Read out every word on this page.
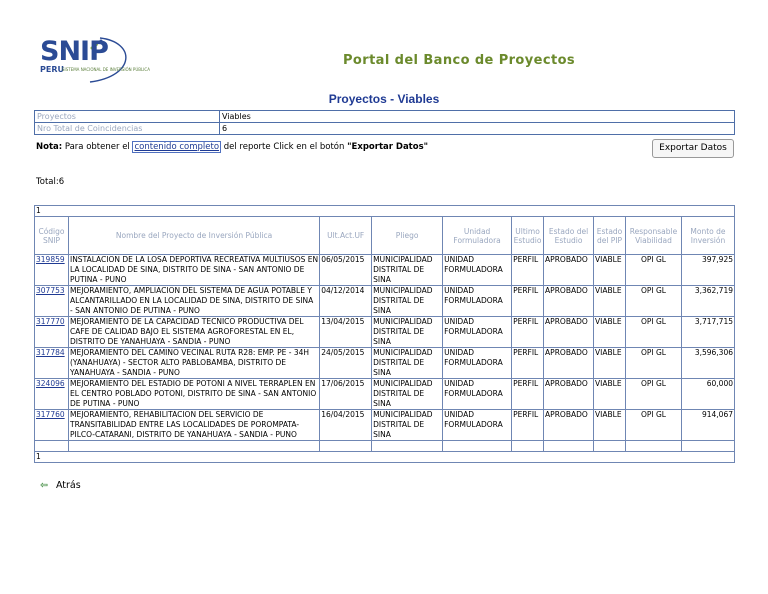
SNIP
PERU
SISTEMA NACIONAL DE INVERSIÓN PÚBLICA
Portal del Banco de Proyectos
Proyectos - Viables
Proyectos	Viables
Nro Total de Coincidencias	6
Nota: Para obtener el contenido completo del reporte Click en el botón "Exportar Datos"	Exportar Datos
Total:6
1									
Código SNIP	Nombre del Proyecto de Inversión Pública	Ult.Act.UF	Pliego	Unidad Formuladora	Ultimo Estudio	Estado del Estudio	Estado del PIP	Responsable Viabilidad	Monto de Inversión
319859	INSTALACION DE LA LOSA DEPORTIVA RECREATIVA MULTIUSOS EN LA LOCALIDAD DE SINA, DISTRITO DE SINA - SAN ANTONIO DE PUTINA - PUNO	06/05/2015	MUNICIPALIDAD DISTRITAL DE SINA	UNIDAD FORMULADORA	PERFIL	APROBADO	VIABLE	OPI GL	397,925
307753	MEJORAMIENTO, AMPLIACION DEL SISTEMA DE AGUA POTABLE Y ALCANTARILLADO EN LA LOCALIDAD DE SINA, DISTRITO DE SINA - SAN ANTONIO DE PUTINA - PUNO	04/12/2014	MUNICIPALIDAD DISTRITAL DE SINA	UNIDAD FORMULADORA	PERFIL	APROBADO	VIABLE	OPI GL	3,362,719
317770	MEJORAMIENTO DE LA CAPACIDAD TECNICO PRODUCTIVA DEL CAFE DE CALIDAD BAJO EL SISTEMA AGROFORESTAL EN EL, DISTRITO DE YANAHUAYA - SANDIA - PUNO	13/04/2015	MUNICIPALIDAD DISTRITAL DE SINA	UNIDAD FORMULADORA	PERFIL	APROBADO	VIABLE	OPI GL	3,717,715
317784	MEJORAMIENTO DEL CAMINO VECINAL RUTA R28: EMP. PE - 34H (YANAHUAYA) - SECTOR ALTO PABLOBAMBA, DISTRITO DE YANAHUAYA - SANDIA - PUNO	24/05/2015	MUNICIPALIDAD DISTRITAL DE SINA	UNIDAD FORMULADORA	PERFIL	APROBADO	VIABLE	OPI GL	3,596,306
324096	MEJORAMIENTO DEL ESTADIO DE POTONI A NIVEL TERRAPLEN EN EL CENTRO POBLADO POTONI, DISTRITO DE SINA - SAN ANTONIO DE PUTINA - PUNO	17/06/2015	MUNICIPALIDAD DISTRITAL DE SINA	UNIDAD FORMULADORA	PERFIL	APROBADO	VIABLE	OPI GL	60,000
317760	MEJORAMIENTO, REHABILITACION DEL SERVICIO DE TRANSITABILIDAD ENTRE LAS LOCALIDADES DE POROMPATA-PILCO-CATARANI, DISTRITO DE YANAHUAYA - SANDIA - PUNO	16/04/2015	MUNICIPALIDAD DISTRITAL DE SINA	UNIDAD FORMULADORA	PERFIL	APROBADO	VIABLE	OPI GL	914,067

1									
⇦ Atrás
